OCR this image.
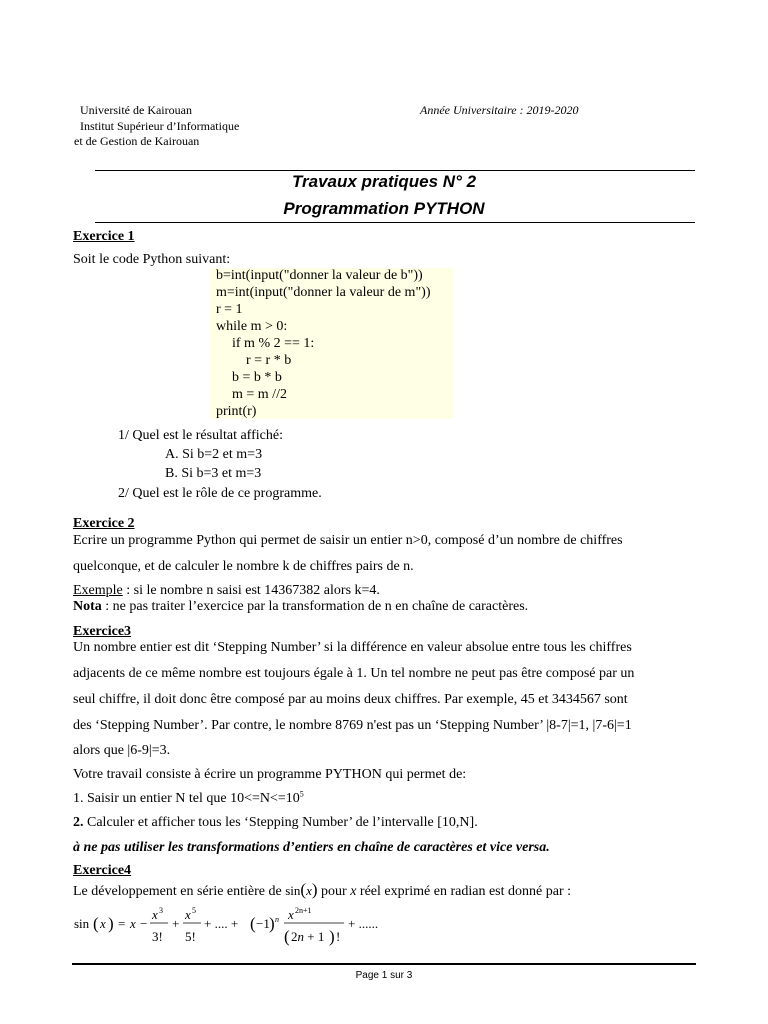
Université de Kairouan
Institut Supérieur d’Informatique
et de Gestion de Kairouan
Année Universitaire : 2019-2020
Travaux pratiques N° 2
Programmation PYTHON
Exercice 1
Soit le code Python suivant:
b=int(input("donner la valeur de b"))
m=int(input("donner la valeur de m"))
r = 1
while m > 0:
if m % 2 == 1:
r = r * b
b = b * b
m = m //2
print(r)
1/ Quel est le résultat affiché:
A. Si b=2 et m=3
B. Si b=3 et m=3
2/ Quel est le rôle de ce programme.
Exercice 2
Ecrire un programme Python qui permet de saisir un entier n>0, composé d’un nombre de chiffres
quelconque, et de calculer le nombre k de chiffres pairs de n.
Exemple : si le nombre n saisi est 14367382 alors k=4.
Nota : ne pas traiter l’exercice par la transformation de n en chaîne de caractères.
Exercice3
Un nombre entier est dit ‘Stepping Number’ si la différence en valeur absolue entre tous les chiffres
adjacents de ce même nombre est toujours égale à 1. Un tel nombre ne peut pas être composé par un
seul chiffre, il doit donc être composé par au moins deux chiffres. Par exemple, 45 et 3434567 sont
des ‘Stepping Number’. Par contre, le nombre 8769 n'est pas un ‘Stepping Number’ |8-7|=1, |7-6|=1
alors que |6-9|=3.
Votre travail consiste à écrire un programme PYTHON qui permet de:
1. Saisir un entier N tel que $10<=N<=10^5$
2. Calculer et afficher tous les ‘Stepping Number’ de l’intervalle [10,N].
à ne pas utiliser les transformations d’entiers en chaîne de caractères et vice versa.
Exercice4
Le développement en série entière de sin(x) pour x réel exprimé en radian est donné par :
sin ( x ) = x −
x 3
3!
+
x 5
5!
+ .... + ( −1 ) n x 2n+1
( 2n + 1 ) !
+ ......
Page 1 sur 3
